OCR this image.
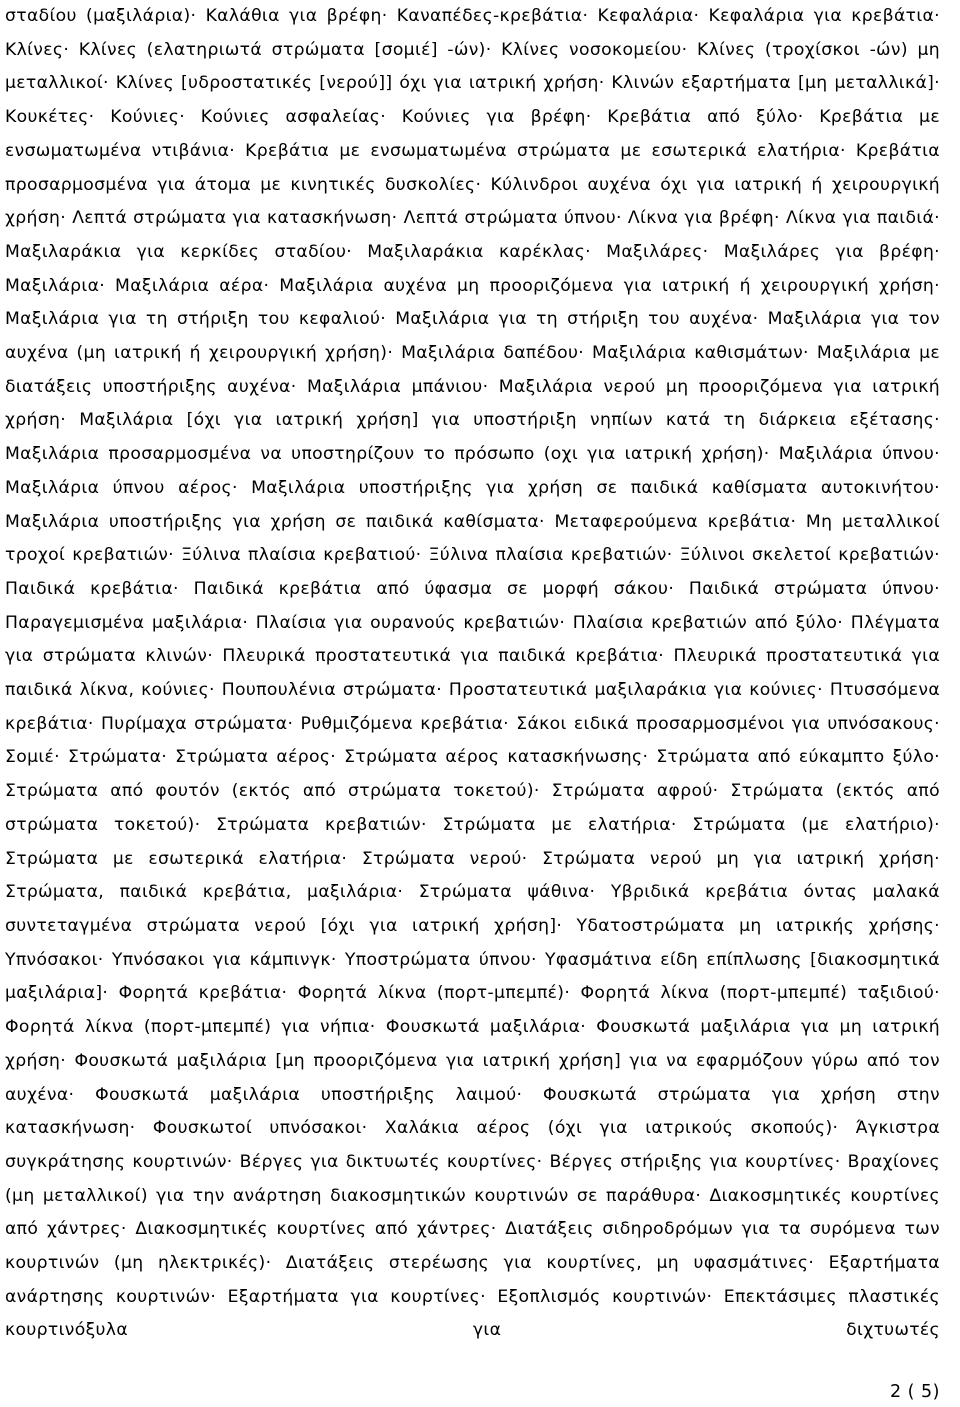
σταδίου (μαξιλάρια)· Καλάθια για βρέφη· Καναπέδες-κρεβάτια· Κεφαλάρια· Κεφαλάρια για κρεβάτια· Κλίνες· Κλίνες (ελατηριωτά στρώματα [σομιέ] -ών)· Κλίνες νοσοκομείου· Κλίνες (τροχίσκοι -ών) μη μεταλλικοί· Κλίνες [υδροστατικές [νερού]] όχι για ιατρική χρήση· Κλινών εξαρτήματα [μη μεταλλικά]· Κουκέτες· Κούνιες· Κούνιες ασφαλείας· Κούνιες για βρέφη· Κρεβάτια από ξύλο· Κρεβάτια με ενσωματωμένα ντιβάνια· Κρεβάτια με ενσωματωμένα στρώματα με εσωτερικά ελατήρια· Κρεβάτια προσαρμοσμένα για άτομα με κινητικές δυσκολίες· Κύλινδροι αυχένα όχι για ιατρική ή χειρουργική χρήση· Λεπτά στρώματα για κατασκήνωση· Λεπτά στρώματα ύπνου· Λίκνα για βρέφη· Λίκνα για παιδιά· Μαξιλαράκια για κερκίδες σταδίου· Μαξιλαράκια καρέκλας· Μαξιλάρες· Μαξιλάρες για βρέφη· Μαξιλάρια· Μαξιλάρια αέρα· Μαξιλάρια αυχένα μη προοριζόμενα για ιατρική ή χειρουργική χρήση· Μαξιλάρια για τη στήριξη του κεφαλιού· Μαξιλάρια για τη στήριξη του αυχένα· Μαξιλάρια για τον αυχένα (μη ιατρική ή χειρουργική χρήση)· Μαξιλάρια δαπέδου· Μαξιλάρια καθισμάτων· Μαξιλάρια με διατάξεις υποστήριξης αυχένα· Μαξιλάρια μπάνιου· Μαξιλάρια νερού μη προοριζόμενα για ιατρική χρήση· Μαξιλάρια [όχι για ιατρική χρήση] για υποστήριξη νηπίων κατά τη διάρκεια εξέτασης· Μαξιλάρια προσαρμοσμένα να υποστηρίζουν το πρόσωπο (οχι για ιατρική χρήση)· Μαξιλάρια ύπνου· Μαξιλάρια ύπνου αέρος· Μαξιλάρια υποστήριξης για χρήση σε παιδικά καθίσματα αυτοκινήτου· Μαξιλάρια υποστήριξης για χρήση σε παιδικά καθίσματα· Μεταφερούμενα κρεβάτια· Μη μεταλλικοί τροχοί κρεβατιών· Ξύλινα πλαίσια κρεβατιού· Ξύλινα πλαίσια κρεβατιών· Ξύλινοι σκελετοί κρεβατιών· Παιδικά κρεβάτια· Παιδικά κρεβάτια από ύφασμα σε μορφή σάκου· Παιδικά στρώματα ύπνου· Παραγεμισμένα μαξιλάρια· Πλαίσια για ουρανούς κρεβατιών· Πλαίσια κρεβατιών από ξύλο· Πλέγματα για στρώματα κλινών· Πλευρικά προστατευτικά για παιδικά κρεβάτια· Πλευρικά προστατευτικά για παιδικά λίκνα, κούνιες· Πουπουλένια στρώματα· Προστατευτικά μαξιλαράκια για κούνιες· Πτυσσόμενα κρεβάτια· Πυρίμαχα στρώματα· Ρυθμιζόμενα κρεβάτια· Σάκοι ειδικά προσαρμοσμένοι για υπνόσακους· Σομιέ· Στρώματα· Στρώματα αέρος· Στρώματα αέρος κατασκήνωσης· Στρώματα από εύκαμπτο ξύλο· Στρώματα από φουτόν (εκτός από στρώματα τοκετού)· Στρώματα αφρού· Στρώματα (εκτός από στρώματα τοκετού)· Στρώματα κρεβατιών· Στρώματα με ελατήρια· Στρώματα (με ελατήριο)· Στρώματα με εσωτερικά ελατήρια· Στρώματα νερού· Στρώματα νερού μη για ιατρική χρήση· Στρώματα, παιδικά κρεβάτια, μαξιλάρια· Στρώματα ψάθινα· Υβριδικά κρεβάτια όντας μαλακά συντεταγμένα στρώματα νερού [όχι για ιατρική χρήση]· Υδατοστρώματα μη ιατρικής χρήσης· Υπνόσακοι· Υπνόσακοι για κάμπινγκ· Υποστρώματα ύπνου· Υφασμάτινα είδη επίπλωσης [διακοσμητικά μαξιλάρια]· Φορητά κρεβάτια· Φορητά λίκνα (πορτ-μπεμπέ)· Φορητά λίκνα (πορτ-μπεμπέ) ταξιδιού· Φορητά λίκνα (πορτ-μπεμπέ) για νήπια· Φουσκωτά μαξιλάρια· Φουσκωτά μαξιλάρια για μη ιατρική χρήση· Φουσκωτά μαξιλάρια [μη προοριζόμενα για ιατρική χρήση] για να εφαρμόζουν γύρω από τον αυχένα· Φουσκωτά μαξιλάρια υποστήριξης λαιμού· Φουσκωτά στρώματα για χρήση στην κατασκήνωση· Φουσκωτοί υπνόσακοι· Χαλάκια αέρος (όχι για ιατρικούς σκοπούς)· Άγκιστρα συγκράτησης κουρτινών· Βέργες για δικτυωτές κουρτίνες· Βέργες στήριξης για κουρτίνες· Βραχίονες (μη μεταλλικοί) για την ανάρτηση διακοσμητικών κουρτινών σε παράθυρα· Διακοσμητικές κουρτίνες από χάντρες· Διακοσμητικές κουρτίνες από χάντρες· Διατάξεις σιδηροδρόμων για τα συρόμενα των κουρτινών (μη ηλεκτρικές)· Διατάξεις στερέωσης για κουρτίνες, μη υφασμάτινες· Εξαρτήματα ανάρτησης κουρτινών· Εξαρτήματα για κουρτίνες· Εξοπλισμός κουρτινών· Επεκτάσιμες πλαστικές κουρτινόξυλα για διχτυωτές

2 ( 5)
